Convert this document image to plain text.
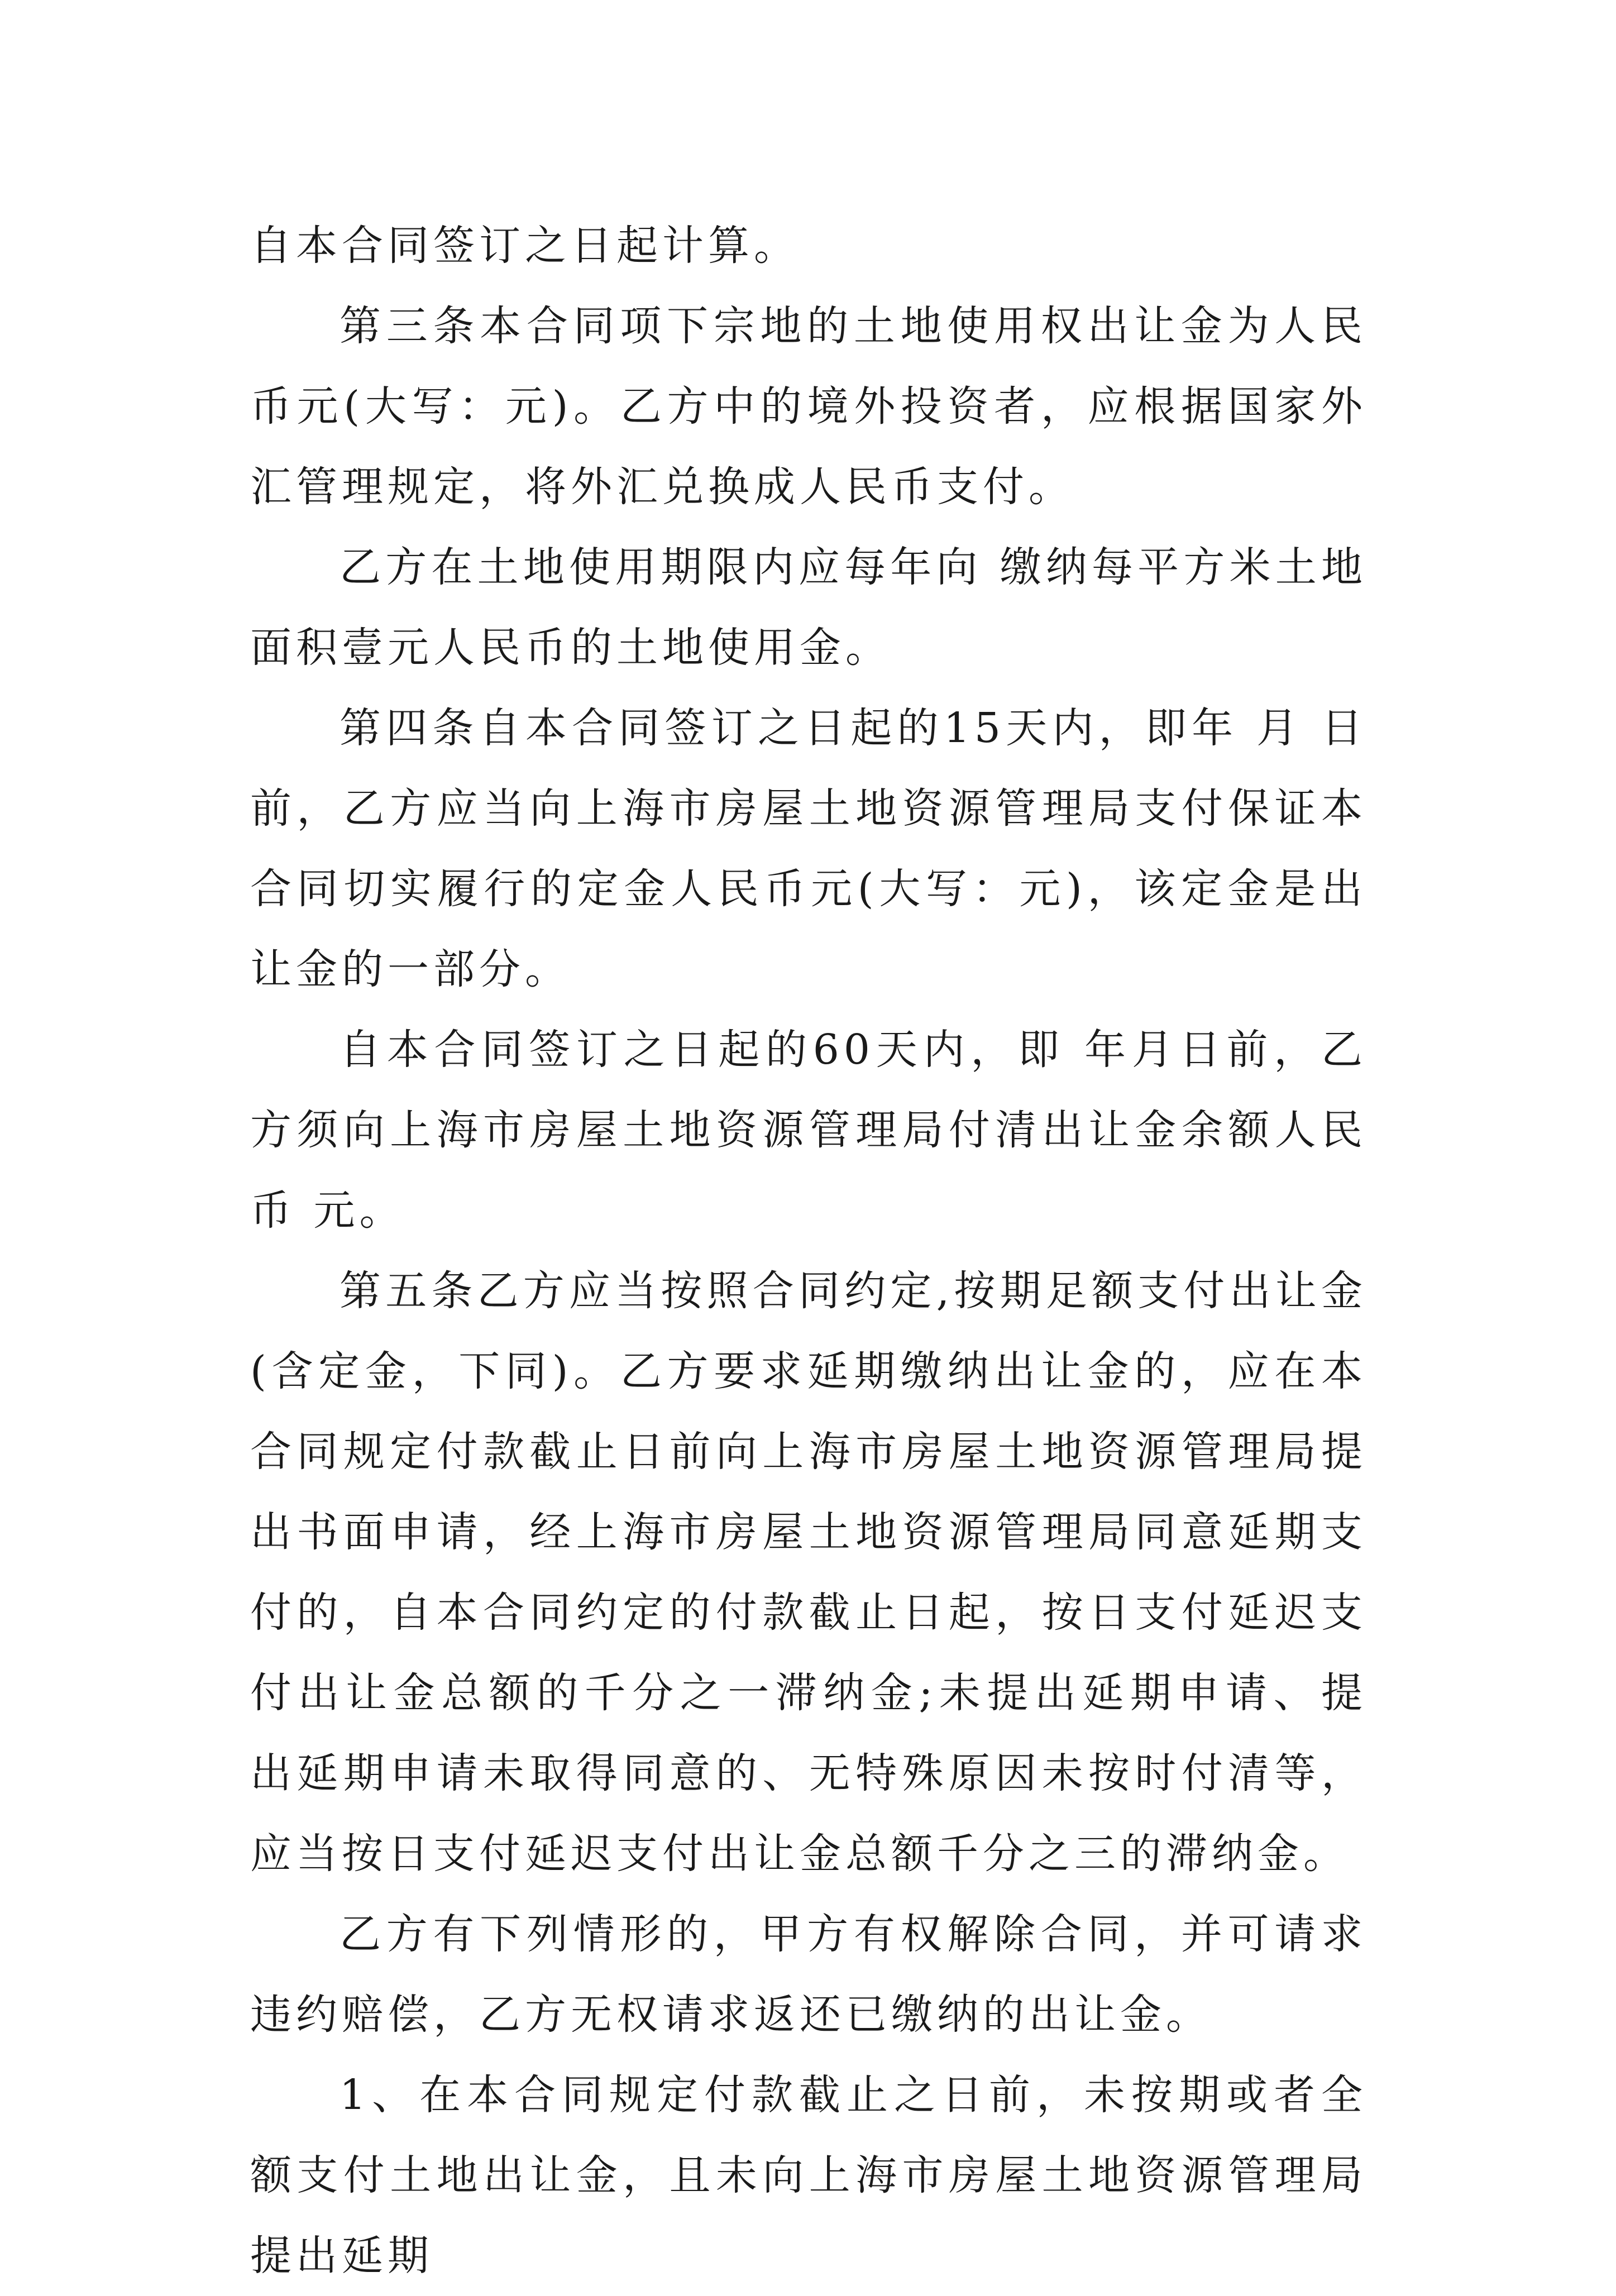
自本合同签订之日起计算。

第三条本合同项下宗地的土地使用权出让金为人民币元(大写：元)。乙方中的境外投资者，应根据国家外汇管理规定，将外汇兑换成人民币支付。

乙方在土地使用期限内应每年向 缴纳每平方米土地面积壹元人民币的土地使用金。

第四条自本合同签订之日起的15天内，即年 月 日前，乙方应当向上海市房屋土地资源管理局支付保证本合同切实履行的定金人民币元(大写：元)，该定金是出让金的一部分。

自本合同签订之日起的60天内，即 年月日前，乙方须向上海市房屋土地资源管理局付清出让金余额人民币 元。

第五条乙方应当按照合同约定,按期足额支付出让金(含定金，下同)。乙方要求延期缴纳出让金的，应在本合同规定付款截止日前向上海市房屋土地资源管理局提出书面申请，经上海市房屋土地资源管理局同意延期支付的，自本合同约定的付款截止日起，按日支付延迟支付出让金总额的千分之一滞纳金;未提出延期申请、提出延期申请未取得同意的、无特殊原因未按时付清等，应当按日支付延迟支付出让金总额千分之三的滞纳金。

乙方有下列情形的，甲方有权解除合同，并可请求违约赔偿，乙方无权请求返还已缴纳的出让金。

1、在本合同规定付款截止之日前，未按期或者全额支付土地出让金，且未向上海市房屋土地资源管理局提出延期
